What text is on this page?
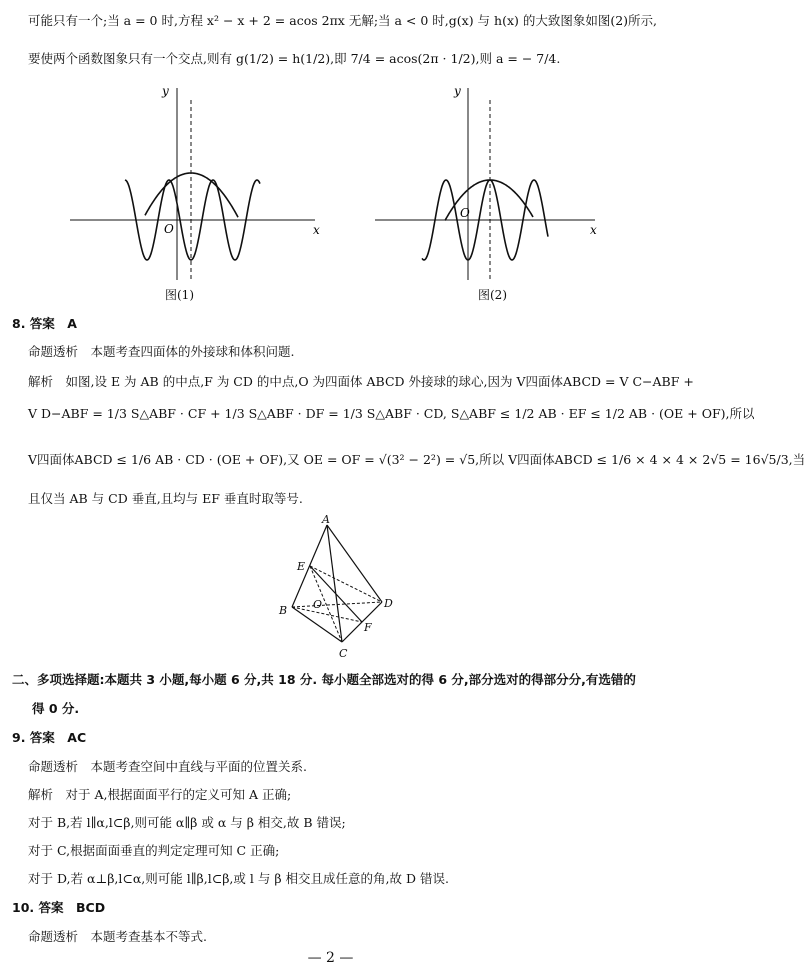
可能只有一个;当 a = 0 时,方程 x² − x + 2 = acos 2πx 无解;当 a < 0 时,g(x) 与 h(x) 的大致图象如图(2)所示,
要使两个函数图象只有一个交点,则有 g(1/2) = h(1/2),即 7/4 = acos(2π · 1/2),则 a = − 7/4.
x
y
O
图(1)
x
y
O
图(2)
8. 答案　A
命题透析　本题考查四面体的外接球和体积问题.
解析　如图,设 E 为 AB 的中点,F 为 CD 的中点,O 为四面体 ABCD 外接球的球心,因为 V四面体ABCD = V C−ABF +
V D−ABF = 1/3 S△ABF · CF + 1/3 S△ABF · DF = 1/3 S△ABF · CD, S△ABF ≤ 1/2 AB · EF ≤ 1/2 AB · (OE + OF),所以
V四面体ABCD ≤ 1/6 AB · CD · (OE + OF),又 OE = OF = √(3² − 2²) = √5,所以 V四面体ABCD ≤ 1/6 × 4 × 4 × 2√5 = 16√5/3,当
且仅当 AB 与 CD 垂直,且均与 EF 垂直时取等号.
A
E
B O	D
F
C
二、多项选择题:本题共 3 小题,每小题 6 分,共 18 分. 每小题全部选对的得 6 分,部分选对的得部分分,有选错的
得 0 分.
9. 答案　AC
命题透析　本题考查空间中直线与平面的位置关系.
解析　对于 A,根据面面平行的定义可知 A 正确;
对于 B,若 l∥α,l⊂β,则可能 α∥β 或 α 与 β 相交,故 B 错误;
对于 C,根据面面垂直的判定定理可知 C 正确;
对于 D,若 α⊥β,l⊂α,则可能 l∥β,l⊂β,或 l 与 β 相交且成任意的角,故 D 错误.
10. 答案　BCD
命题透析　本题考查基本不等式.
— 2 —
